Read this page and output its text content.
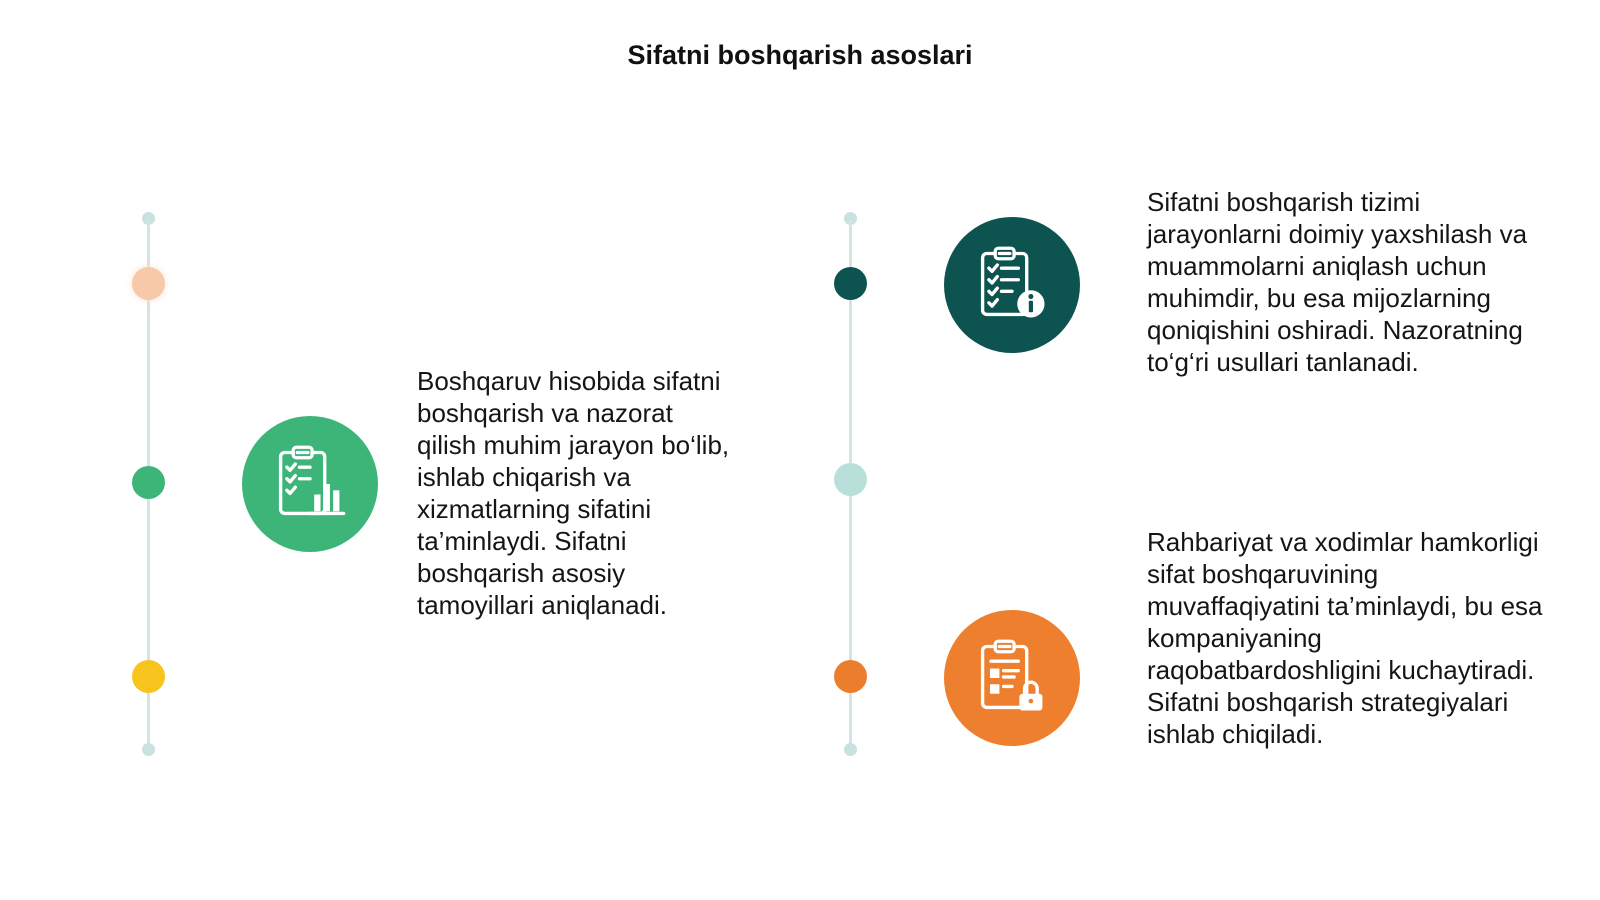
Sifatni boshqarish asoslari

Boshqaruv hisobida sifatni boshqarish va nazorat qilish muhim jarayon bo‘lib, ishlab chiqarish va xizmatlarning sifatini ta’minlaydi. Sifatni boshqarish asosiy tamoyillari aniqlanadi.

Sifatni boshqarish tizimi jarayonlarni doimiy yaxshilash va muammolarni aniqlash uchun muhimdir, bu esa mijozlarning qoniqishini oshiradi. Nazoratning to‘g‘ri usullari tanlanadi.

Rahbariyat va xodimlar hamkorligi sifat boshqaruvining muvaffaqiyatini ta’minlaydi, bu esa kompaniyaning raqobatbardoshligini kuchaytiradi. Sifatni boshqarish strategiyalari ishlab chiqiladi.
